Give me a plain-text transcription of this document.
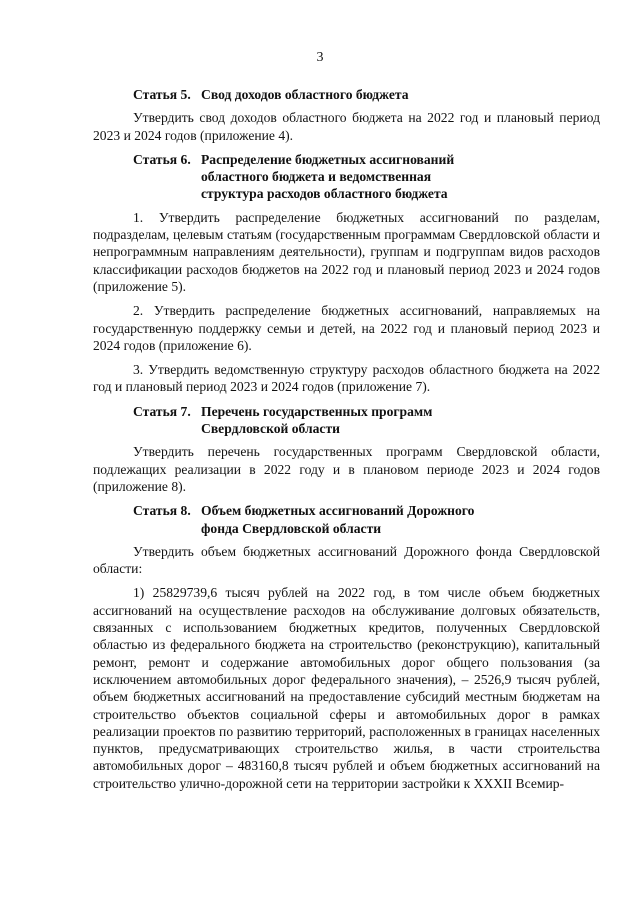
3
Статья 5. Свод доходов областного бюджета

Утвердить свод доходов областного бюджета на 2022 год и плановый период 2023 и 2024 годов (приложение 4).

Статья 6. Распределение бюджетных ассигнований
областного бюджета и ведомственная
структура расходов областного бюджета

1. Утвердить распределение бюджетных ассигнований по разделам, подразделам, целевым статьям (государственным программам Свердловской области и непрограммным направлениям деятельности), группам и подгруппам видов расходов классификации расходов бюджетов на 2022 год и плановый период 2023 и 2024 годов (приложение 5).

2. Утвердить распределение бюджетных ассигнований, направляемых на государственную поддержку семьи и детей, на 2022 год и плановый период 2023 и 2024 годов (приложение 6).

3. Утвердить ведомственную структуру расходов областного бюджета на 2022 год и плановый период 2023 и 2024 годов (приложение 7).

Статья 7. Перечень государственных программ
Свердловской области

Утвердить перечень государственных программ Свердловской области, подлежащих реализации в 2022 году и в плановом периоде 2023 и 2024 годов (приложение 8).

Статья 8. Объем бюджетных ассигнований Дорожного
фонда Свердловской области

Утвердить объем бюджетных ассигнований Дорожного фонда Свердловской области:

1) 25829739,6 тысяч рублей на 2022 год, в том числе объем бюджетных ассигнований на осуществление расходов на обслуживание долговых обязательств, связанных с использованием бюджетных кредитов, полученных Свердловской областью из федерального бюджета на строительство (реконструкцию), капитальный ремонт, ремонт и содержание автомобильных дорог общего пользования (за исключением автомобильных дорог федерального значения), – 2526,9 тысяч рублей, объем бюджетных ассигнований на предоставление субсидий местным бюджетам на строительство объектов социальной сферы и автомобильных дорог в рамках реализации проектов по развитию территорий, расположенных в границах населенных пунктов, предусматривающих строительство жилья, в части строительства автомобильных дорог – 483160,8 тысяч рублей и объем бюджетных ассигнований на строительство улично-дорожной сети на территории застройки к XXXII Всемир-
